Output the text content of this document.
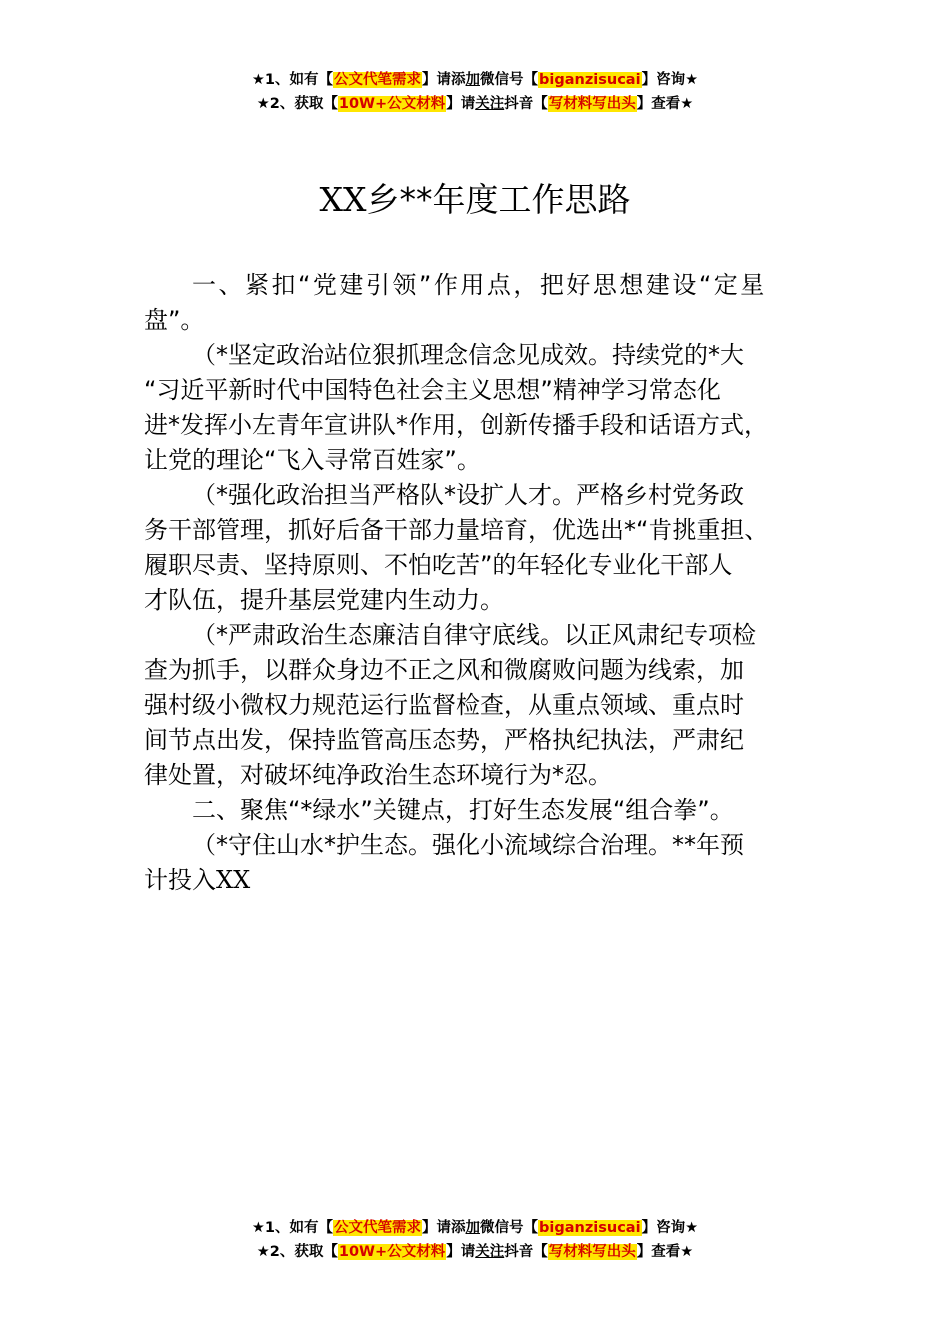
★1、如有【公文代笔需求】请添加微信号【biganzisucai】咨询★
★2、获取【10W+公文材料】请关注抖音【写材料写出头】查看★
XX乡**年度工作思路

一、紧扣“党建引领”作用点，把好思想建设“定星
盘”。

（*坚定政治站位狠抓理念信念见成效。持续党的*大
“习近平新时代中国特色社会主义思想”精神学习常态化
进*发挥小左青年宣讲队*作用，创新传播手段和话语方式，
让党的理论“飞入寻常百姓家”。

（*强化政治担当严格队*设扩人才。严格乡村党务政
务干部管理，抓好后备干部力量培育，优选出*“肯挑重担、
履职尽责、坚持原则、不怕吃苦”的年轻化专业化干部人
才队伍，提升基层党建内生动力。

（*严肃政治生态廉洁自律守底线。以正风肃纪专项检
查为抓手，以群众身边不正之风和微腐败问题为线索，加
强村级小微权力规范运行监督检查，从重点领域、重点时
间节点出发，保持监管高压态势，严格执纪执法，严肃纪
律处置，对破坏纯净政治生态环境行为*忍。

二、聚焦“*绿水”关键点，打好生态发展“组合拳”。

（*守住山水*护生态。强化小流域综合治理。**年预
计投入XX

★1、如有【公文代笔需求】请添加微信号【biganzisucai】咨询★
★2、获取【10W+公文材料】请关注抖音【写材料写出头】查看★
